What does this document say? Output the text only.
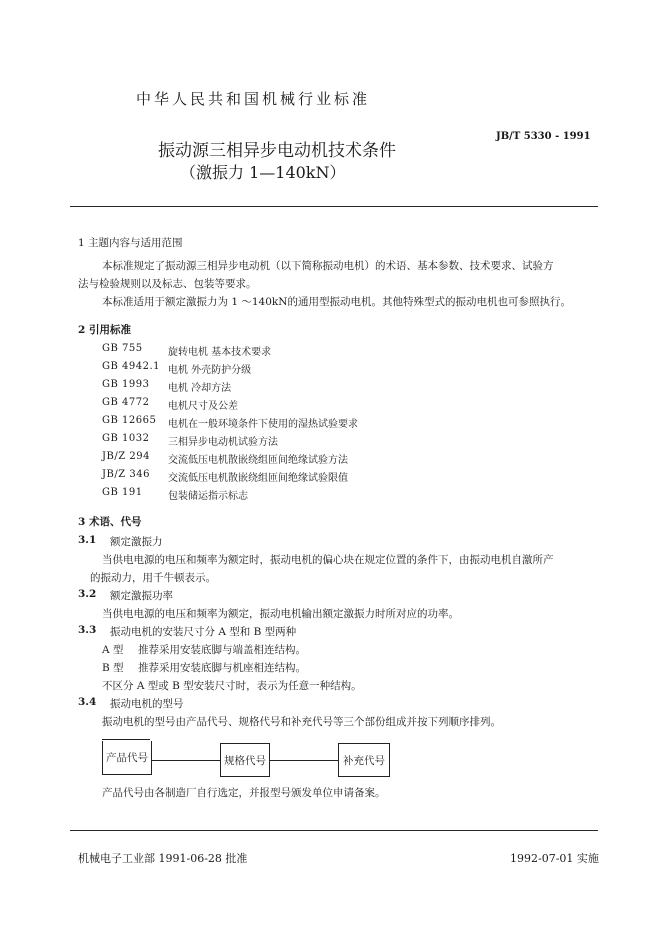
中华人民共和国机械行业标准
振动源三相异步电动机技术条件
（激振力 1—140kN）
JB/T 5330 - 1991
1 主题内容与适用范围
本标准规定了振动源三相异步电动机（以下简称振动电机）的术语、基本参数、技术要求、试验方
法与检验规则以及标志、包装等要求。
本标准适用于额定激振力为 1 ～140kN的通用型振动电机。其他特殊型式的振动电机也可参照执行。
2 引用标准
GB 755	旋转电机 基本技术要求
GB 4942.1 电机 外壳防护分级
GB 1993 电机 冷却方法
GB 4772 电机尺寸及公差
GB 12665 电机在一般环境条件下使用的湿热试验要求
GB 1032 三相异步电动机试验方法
JB/Z 294 交流低压电机散嵌绕组匝间绝缘试验方法
JB/Z 346 交流低压电机散嵌绕组匝间绝缘试验限值
GB 191	包装储运指示标志
3 术语、代号
3.1 额定激振力
当供电电源的电压和频率为额定时，振动电机的偏心块在规定位置的条件下，由振动电机自激所产
的振动力，用千牛顿表示。
3.2 额定激振功率
当供电电源的电压和频率为额定，振动电机输出额定激振力时所对应的功率。
3.3 振动电机的安装尺寸分 A 型和 B 型两种
A 型 推荐采用安装底脚与端盖相连结构。
B 型 推荐采用安装底脚与机座相连结构。
不区分 A 型或 B 型安装尺寸时，表示为任意一种结构。
3.4 振动电机的型号
振动电机的型号由产品代号、规格代号和补充代号等三个部份组成并按下列顺序排列。
产品代号	规格代号	补充代号
产品代号由各制造厂自行选定，并报型号颁发单位申请备案。
机械电子工业部 1991-06-28 批准	1992-07-01 实施
